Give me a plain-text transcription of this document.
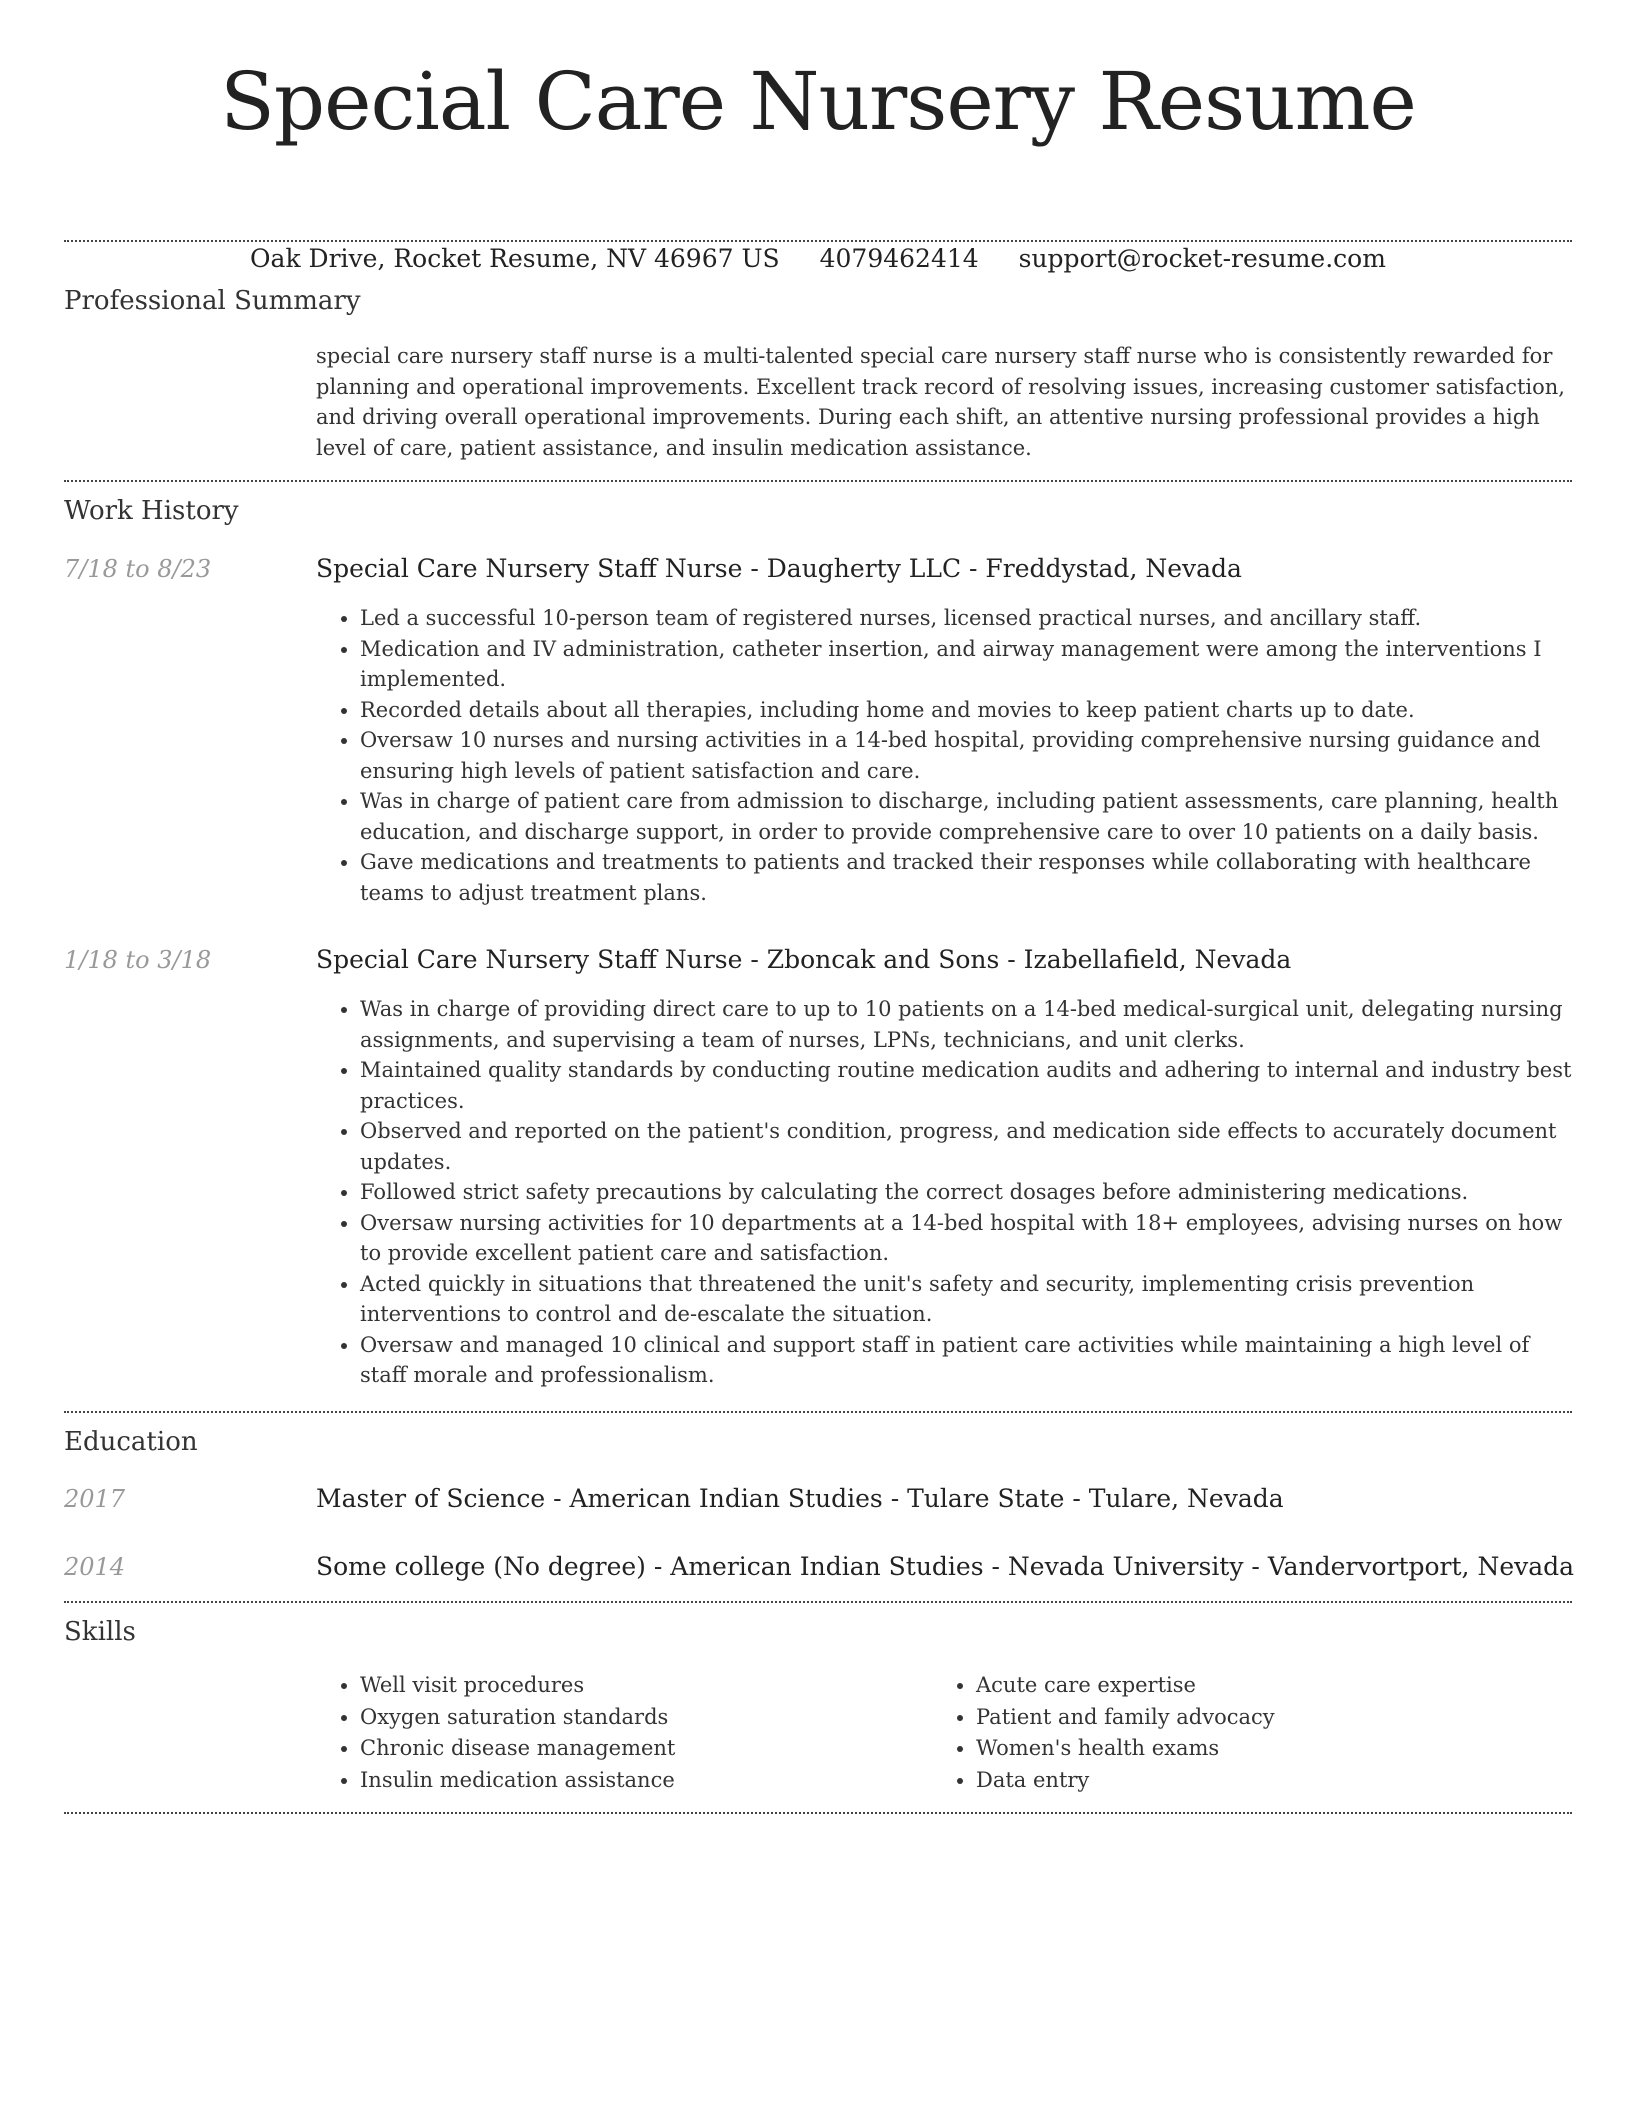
Special Care Nursery Resume
Oak Drive, Rocket Resume, NV 46967 US 4079462414 support@rocket-resume.com
Professional Summary
special care nursery staff nurse is a multi-talented special care nursery staff nurse who is consistently rewarded for planning and operational improvements. Excellent track record of resolving issues, increasing customer satisfaction, and driving overall operational improvements. During each shift, an attentive nursing professional provides a high level of care, patient assistance, and insulin medication assistance.
Work History
7/18 to 8/23	Special Care Nursery Staff Nurse - Daugherty LLC - Freddystad, Nevada
• Led a successful 10-person team of registered nurses, licensed practical nurses, and ancillary staff.
• Medication and IV administration, catheter insertion, and airway management were among the interventions I implemented.
• Recorded details about all therapies, including home and movies to keep patient charts up to date.
• Oversaw 10 nurses and nursing activities in a 14-bed hospital, providing comprehensive nursing guidance and ensuring high levels of patient satisfaction and care.
• Was in charge of patient care from admission to discharge, including patient assessments, care planning, health education, and discharge support, in order to provide comprehensive care to over 10 patients on a daily basis.
• Gave medications and treatments to patients and tracked their responses while collaborating with healthcare teams to adjust treatment plans.
1/18 to 3/18	Special Care Nursery Staff Nurse - Zboncak and Sons - Izabellafield, Nevada
• Was in charge of providing direct care to up to 10 patients on a 14-bed medical-surgical unit, delegating nursing assignments, and supervising a team of nurses, LPNs, technicians, and unit clerks.
• Maintained quality standards by conducting routine medication audits and adhering to internal and industry best practices.
• Observed and reported on the patient's condition, progress, and medication side effects to accurately document updates.
• Followed strict safety precautions by calculating the correct dosages before administering medications.
• Oversaw nursing activities for 10 departments at a 14-bed hospital with 18+ employees, advising nurses on how to provide excellent patient care and satisfaction.
• Acted quickly in situations that threatened the unit's safety and security, implementing crisis prevention interventions to control and de-escalate the situation.
• Oversaw and managed 10 clinical and support staff in patient care activities while maintaining a high level of staff morale and professionalism.
Education
2017	Master of Science - American Indian Studies - Tulare State - Tulare, Nevada
2014	Some college (No degree) - American Indian Studies - Nevada University - Vandervortport, Nevada
Skills
• Well visit procedures
• Oxygen saturation standards
• Chronic disease management
• Insulin medication assistance
• Acute care expertise
• Patient and family advocacy
• Women's health exams
• Data entry
